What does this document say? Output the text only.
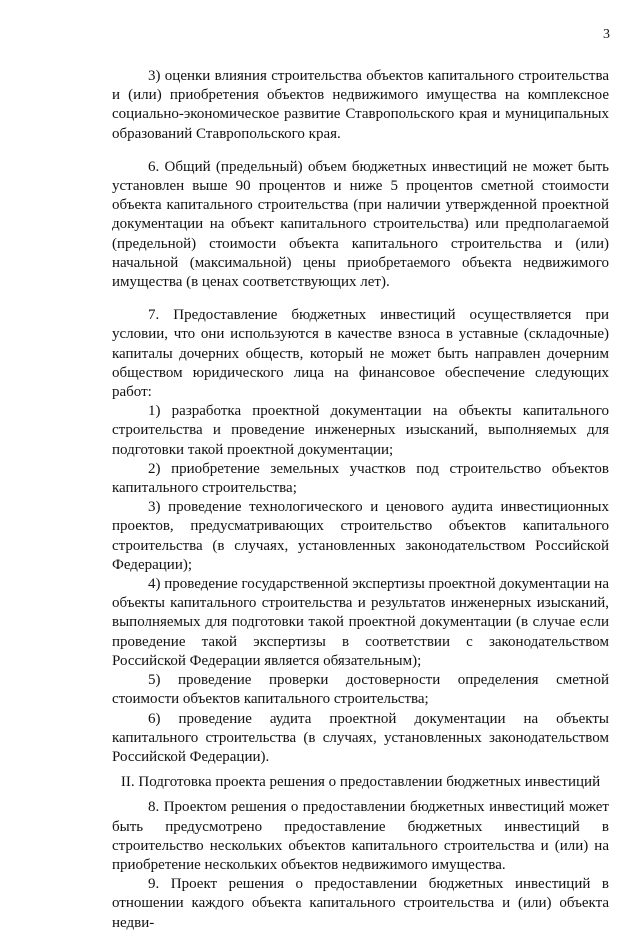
3

3) оценки влияния строительства объектов капитального строительства и (или) приобретения объектов недвижимого имущества на комплексное социально-экономическое развитие Ставропольского края и муниципальных образований Ставропольского края.

6. Общий (предельный) объем бюджетных инвестиций не может быть установлен выше 90 процентов и ниже 5 процентов сметной стоимости объекта капитального строительства (при наличии утвержденной проектной документации на объект капитального строительства) или предполагаемой (предельной) стоимости объекта капитального строительства и (или) начальной (максимальной) цены приобретаемого объекта недвижимого имущества (в ценах соответствующих лет).

7. Предоставление бюджетных инвестиций осуществляется при условии, что они используются в качестве взноса в уставные (складочные) капиталы дочерних обществ, который не может быть направлен дочерним обществом юридического лица на финансовое обеспечение следующих работ:

1) разработка проектной документации на объекты капитального строительства и проведение инженерных изысканий, выполняемых для подготовки такой проектной документации;

2) приобретение земельных участков под строительство объектов капитального строительства;

3) проведение технологического и ценового аудита инвестиционных проектов, предусматривающих строительство объектов капитального строительства (в случаях, установленных законодательством Российской Федерации);

4) проведение государственной экспертизы проектной документации на объекты капитального строительства и результатов инженерных изысканий, выполняемых для подготовки такой проектной документации (в случае если проведение такой экспертизы в соответствии с законодательством Российской Федерации является обязательным);

5) проведение проверки достоверности определения сметной стоимости объектов капитального строительства;

6) проведение аудита проектной документации на объекты капитального строительства (в случаях, установленных законодательством Российской Федерации).

II. Подготовка проекта решения о предоставлении бюджетных инвестиций

8. Проектом решения о предоставлении бюджетных инвестиций может быть предусмотрено предоставление бюджетных инвестиций в строительство нескольких объектов капитального строительства и (или) на приобретение нескольких объектов недвижимого имущества.

9. Проект решения о предоставлении бюджетных инвестиций в отношении каждого объекта капитального строительства и (или) объекта недви-
